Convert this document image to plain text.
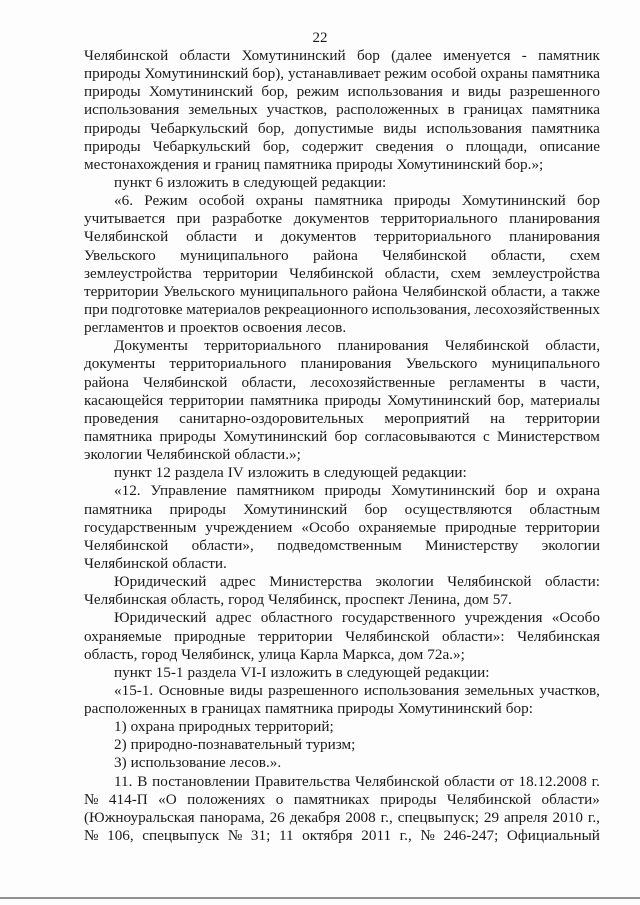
22
Челябинской области Хомутининский бор (далее именуется - памятник
природы Хомутининский бор), устанавливает режим особой охраны памятника
природы Хомутининский бор, режим использования и виды разрешенного
использования земельных участков, расположенных в границах памятника
природы Чебаркульский бор, допустимые виды использования памятника
природы Чебаркульский бор, содержит сведения о площади, описание
местонахождения и границ памятника природы Хомутининский бор.»;
пункт 6 изложить в следующей редакции:
«6. Режим особой охраны памятника природы Хомутининский бор
учитывается при разработке документов территориального планирования
Челябинской области и документов территориального планирования
Увельского муниципального района Челябинской области, схем
землеустройства территории Челябинской области, схем землеустройства
территории Увельского муниципального района Челябинской области, а также
при подготовке материалов рекреационного использования, лесохозяйственных
регламентов и проектов освоения лесов.
Документы территориального планирования Челябинской области,
документы территориального планирования Увельского муниципального
района Челябинской области, лесохозяйственные регламенты в части,
касающейся территории памятника природы Хомутининский бор, материалы
проведения санитарно-оздоровительных мероприятий на территории
памятника природы Хомутининский бор согласовываются с Министерством
экологии Челябинской области.»;
пункт 12 раздела IV изложить в следующей редакции:
«12. Управление памятником природы Хомутининский бор и охрана
памятника природы Хомутининский бор осуществляются областным
государственным учреждением «Особо охраняемые природные территории
Челябинской области», подведомственным Министерству экологии
Челябинской области.
Юридический адрес Министерства экологии Челябинской области:
Челябинская область, город Челябинск, проспект Ленина, дом 57.
Юридический адрес областного государственного учреждения «Особо
охраняемые природные территории Челябинской области»: Челябинская
область, город Челябинск, улица Карла Маркса, дом 72а.»;
пункт 15-1 раздела VI-I изложить в следующей редакции:
«15-1. Основные виды разрешенного использования земельных участков,
расположенных в границах памятника природы Хомутининский бор:
1) охрана природных территорий;
2) природно-познавательный туризм;
3) использование лесов.».
11. В постановлении Правительства Челябинской области от 18.12.2008 г.
№ 414-П «О положениях о памятниках природы Челябинской области»
(Южноуральская панорама, 26 декабря 2008 г., спецвыпуск; 29 апреля 2010 г.,
№ 106, спецвыпуск № 31; 11 октября 2011 г., № 246-247; Официальный
